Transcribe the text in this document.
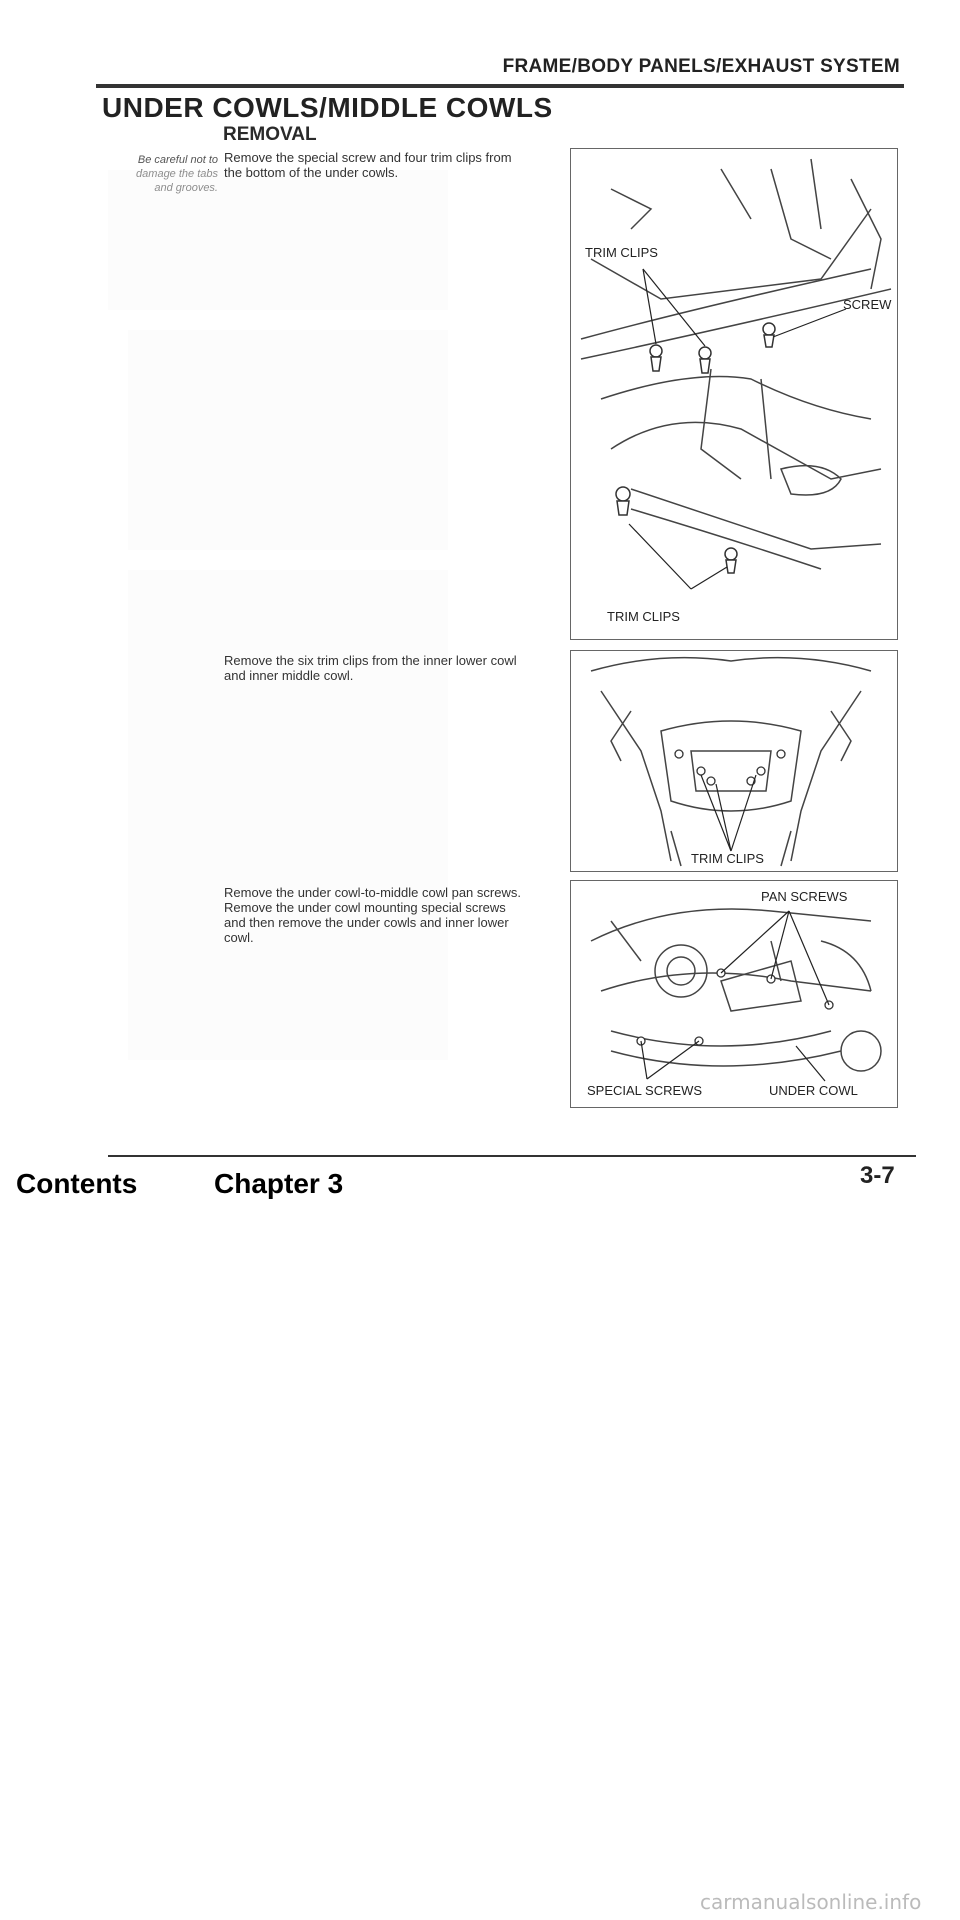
FRAME/BODY PANELS/EXHAUST SYSTEM
UNDER COWLS/MIDDLE COWLS
REMOVAL
Be careful not to
damage the tabs
and grooves.
Remove the special screw and four trim clips from
the bottom of the under cowls.
TRIM CLIPS
SCREW
TRIM CLIPS
Remove the six trim clips from the inner lower cowl
and inner middle cowl.
TRIM CLIPS
Remove the under cowl-to-middle cowl pan screws.
Remove the under cowl mounting special screws
and then remove the under cowls and inner lower
cowl.
PAN SCREWS
SPECIAL SCREWS	UNDER COWL
3-7
Contents	Chapter 3
carmanualsonline.info
